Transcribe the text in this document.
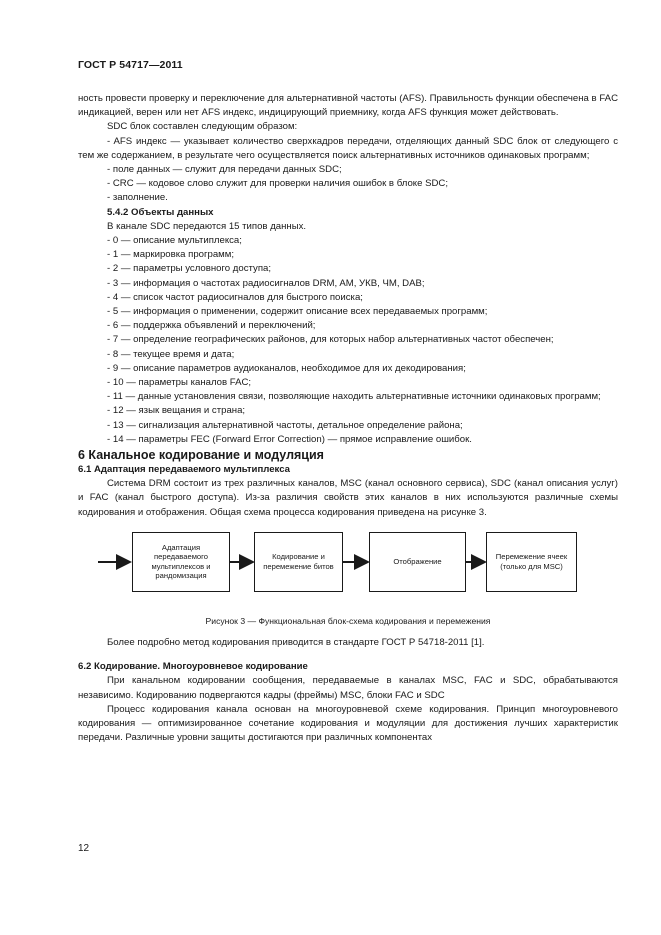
ГОСТ Р 54717—2011

ность провести проверку и переключение для альтернативной частоты (AFS). Правильность функции обеспечена в FAC индикацией, верен или нет AFS индекс, индицирующий приемнику, когда AFS функция может действовать.

SDC блок составлен следующим образом:

- AFS индекс — указывает количество сверхкадров передачи, отделяющих данный SDC блок от следующего с тем же содержанием, в результате чего осуществляется поиск альтернативных источников одинаковых программ;

- поле данных — служит для передачи данных SDC;

- CRC — кодовое слово служит для проверки наличия ошибок в блоке SDC;

- заполнение.

5.4.2 Объекты данных

В канале SDC передаются 15 типов данных.

- 0 — описание мультиплекса;

- 1 — маркировка программ;

- 2 — параметры условного доступа;

- 3 — информация о частотах радиосигналов DRM, AM, УКВ, ЧМ, DAB;

- 4 — список частот радиосигналов для быстрого поиска;

- 5 — информация о применении, содержит описание всех передаваемых программ;

- 6 — поддержка объявлений и переключений;

- 7 — определение географических районов, для которых набор альтернативных частот обеспечен;

- 8 — текущее время и дата;

- 9 — описание параметров аудиоканалов, необходимое для их декодирования;

- 10 — параметры каналов FAC;

- 11 — данные установления связи, позволяющие находить альтернативные источники одинаковых программ;

- 12 — язык вещания и страна;

- 13 — сигнализация альтернативной частоты, детальное определение района;

- 14 — параметры FEC (Forward Error Correction) — прямое исправление ошибок.

6 Канальное кодирование и модуляция

6.1 Адаптация передаваемого мультиплекса

Система DRM состоит из трех различных каналов, MSC (канал основного сервиса), SDC (канал описания услуг) и FAC (канал быстрого доступа). Из-за различия свойств этих каналов в них используются различные схемы кодирования и отображения. Общая схема процесса кодирования приведена на рисунке 3.

Адаптация передаваемого мультиплексов и рандомизация
Кодирование и перемежение битов
Отображение
Перемежение ячеек (только для MSC)
Рисунок 3 — Функциональная блок-схема кодирования и перемежения

Более подробно метод кодирования приводится в стандарте ГОСТ Р 54718-2011 [1].

6.2 Кодирование. Многоуровневое кодирование

При канальном кодировании сообщения, передаваемые в каналах MSC, FAC и SDC, обрабатываются независимо. Кодированию подвергаются кадры (фреймы) MSC, блоки FAC и SDC

Процесс кодирования канала основан на многоуровневой схеме кодирования. Принцип многоуровневого кодирования — оптимизированное сочетание кодирования и модуляции для достижения лучших характеристик передачи. Различные уровни защиты достигаются при различных компонентах

12
